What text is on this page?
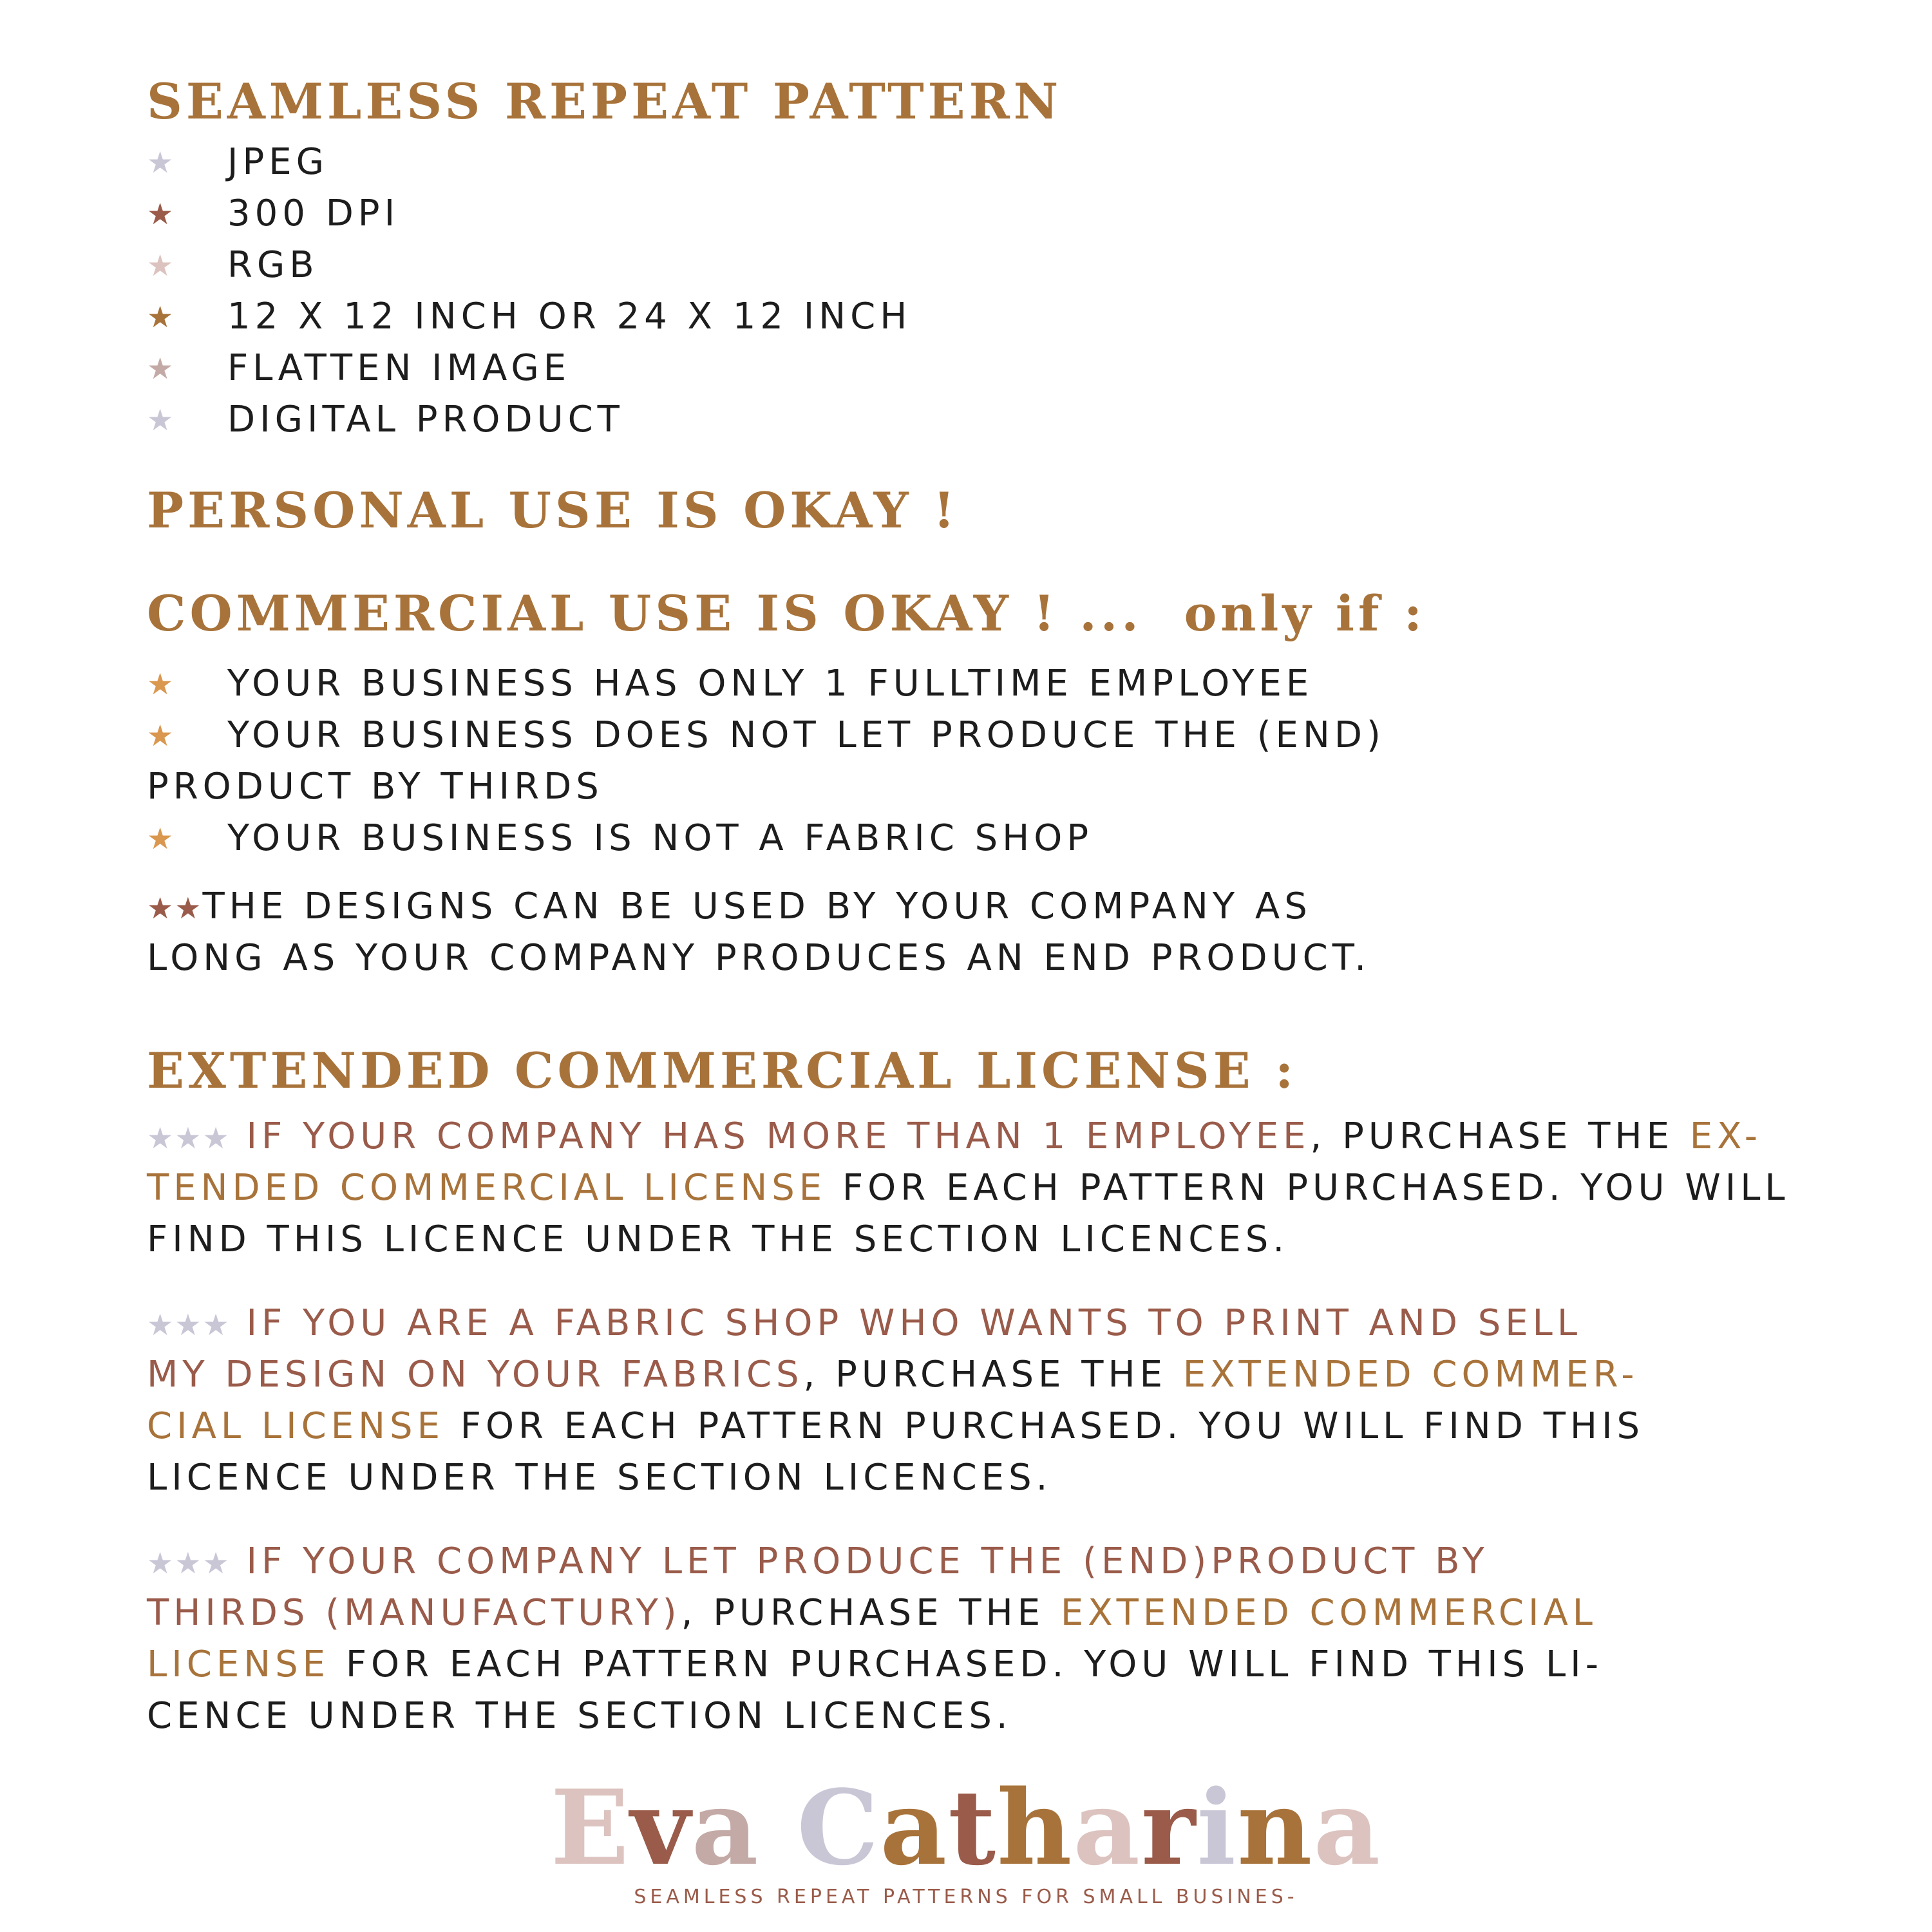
SEAMLESS REPEAT PATTERN
★ JPEG
★ 300 DPI
★ RGB
★ 12 X 12 INCH OR 24 X 12 INCH
★ FLATTEN IMAGE
★ DIGITAL PRODUCT
PERSONAL USE IS OKAY !
COMMERCIAL USE IS OKAY ! ... only if :
★ YOUR BUSINESS HAS ONLY 1 FULLTIME EMPLOYEE
★ YOUR BUSINESS DOES NOT LET PRODUCE THE (END)
PRODUCT BY THIRDS
★ YOUR BUSINESS IS NOT A FABRIC SHOP

★★THE DESIGNS CAN BE USED BY YOUR COMPANY AS
LONG AS YOUR COMPANY PRODUCES AN END PRODUCT.

EXTENDED COMMERCIAL LICENSE :

★★★ IF YOUR COMPANY HAS MORE THAN 1 EMPLOYEE, PURCHASE THE EX-
TENDED COMMERCIAL LICENSE FOR EACH PATTERN PURCHASED. YOU WILL
FIND THIS LICENCE UNDER THE SECTION LICENCES.

★★★ IF YOU ARE A FABRIC SHOP WHO WANTS TO PRINT AND SELL
MY DESIGN ON YOUR FABRICS, PURCHASE THE EXTENDED COMMER-
CIAL LICENSE FOR EACH PATTERN PURCHASED. YOU WILL FIND THIS
LICENCE UNDER THE SECTION LICENCES.

★★★ IF YOUR COMPANY LET PRODUCE THE (END)PRODUCT BY
THIRDS (MANUFACTURY), PURCHASE THE EXTENDED COMMERCIAL
LICENSE FOR EACH PATTERN PURCHASED. YOU WILL FIND THIS LI-
CENCE UNDER THE SECTION LICENCES.

Eva Catharina
SEAMLESS REPEAT PATTERNS FOR SMALL BUSINES-
